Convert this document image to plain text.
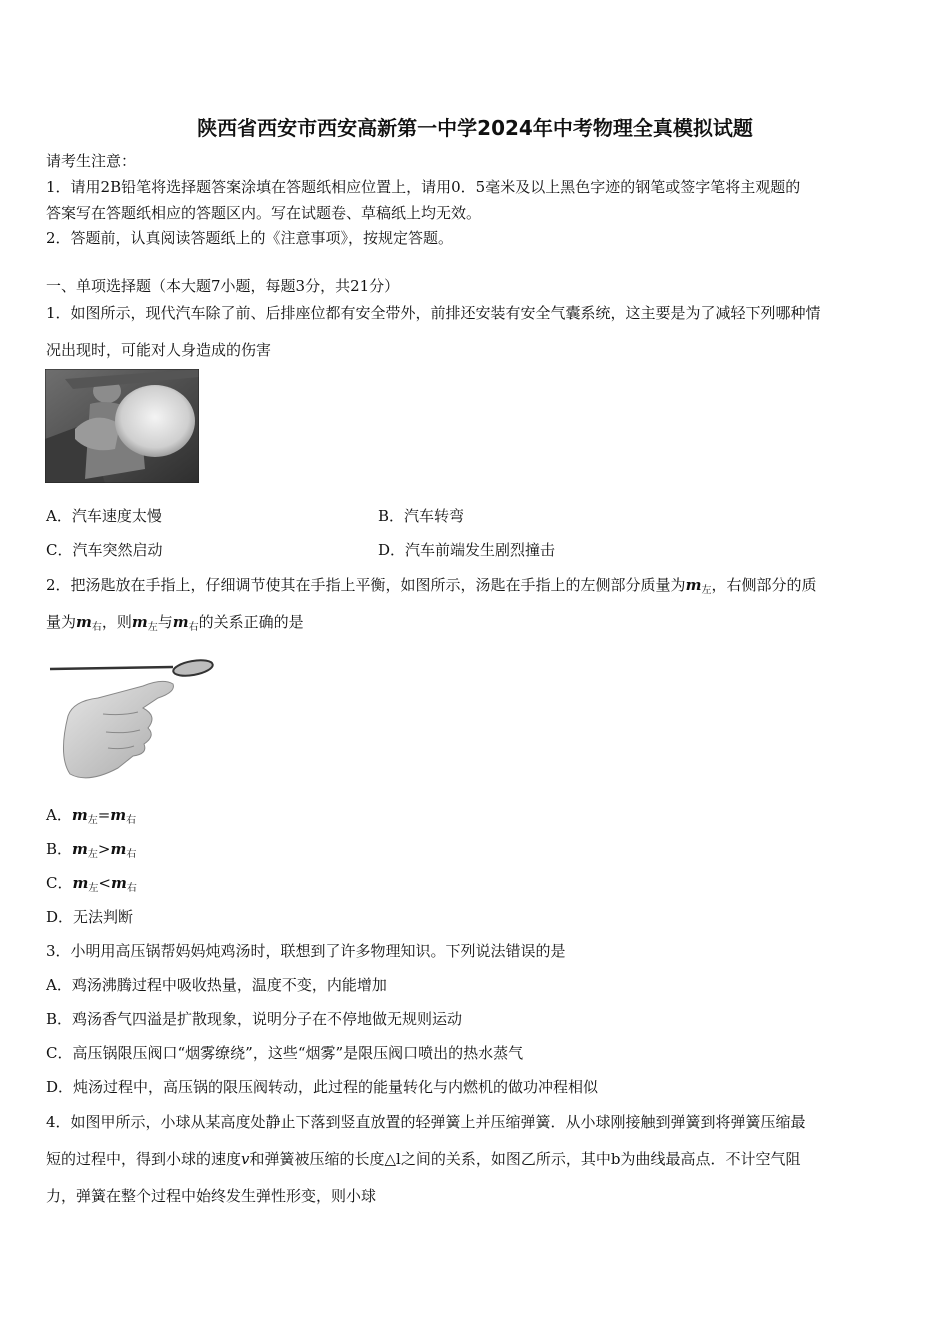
陕西省西安市西安高新第一中学2024年中考物理全真模拟试题
请考生注意：
1．请用2B铅笔将选择题答案涂填在答题纸相应位置上，请用0．5毫米及以上黑色字迹的钢笔或签字笔将主观题的
答案写在答题纸相应的答题区内。写在试题卷、草稿纸上均无效。
2．答题前，认真阅读答题纸上的《注意事项》，按规定答题。
一、单项选择题（本大题7小题，每题3分，共21分）
1．如图所示，现代汽车除了前、后排座位都有安全带外，前排还安装有安全气囊系统，这主要是为了减轻下列哪种情
况出现时，可能对人身造成的伤害
A．汽车速度太慢	B．汽车转弯
C．汽车突然启动	D．汽车前端发生剧烈撞击
2．把汤匙放在手指上，仔细调节使其在手指上平衡，如图所示，汤匙在手指上的左侧部分质量为$m_左$，右侧部分的质
量为$m_右$，则$m_左$与$m_右$的关系正确的是
A．$m_左=m_右$
B．$m_左>m_右$
C．$m_左<m_右$
D．无法判断
3．小明用高压锅帮妈妈炖鸡汤时，联想到了许多物理知识。下列说法错误的是
A．鸡汤沸腾过程中吸收热量，温度不变，内能增加
B．鸡汤香气四溢是扩散现象，说明分子在不停地做无规则运动
C．高压锅限压阀口“烟雾缭绕”，这些“烟雾”是限压阀口喷出的热水蒸气
D．炖汤过程中，高压锅的限压阀转动，此过程的能量转化与内燃机的做功冲程相似
4．如图甲所示，小球从某高度处静止下落到竖直放置的轻弹簧上并压缩弹簧．从小球刚接触到弹簧到将弹簧压缩最
短的过程中，得到小球的速度v和弹簧被压缩的长度△l之间的关系，如图乙所示，其中b为曲线最高点．不计空气阻
力，弹簧在整个过程中始终发生弹性形变，则小球
